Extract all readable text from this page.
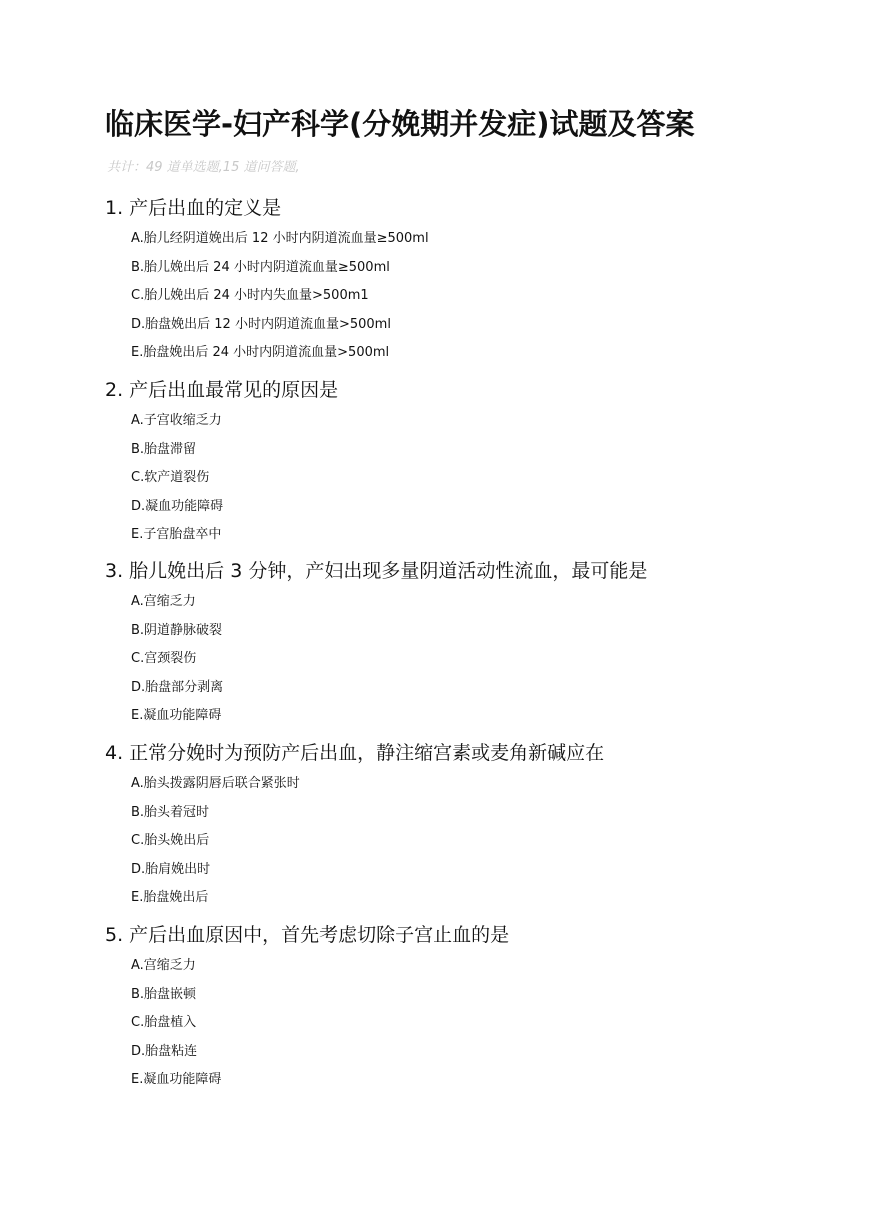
临床医学-妇产科学(分娩期并发症)试题及答案

共计：49 道单选题,15 道问答题,

1. 产后出血的定义是

A.胎儿经阴道娩出后 12 小时内阴道流血量≥500ml
B.胎儿娩出后 24 小时内阴道流血量≥500ml
C.胎儿娩出后 24 小时内失血量>500m1
D.胎盘娩出后 12 小时内阴道流血量>500ml
E.胎盘娩出后 24 小时内阴道流血量>500ml

2. 产后出血最常见的原因是

A.子宫收缩乏力
B.胎盘滞留
C.软产道裂伤
D.凝血功能障碍
E.子宫胎盘卒中

3. 胎儿娩出后 3 分钟，产妇出现多量阴道活动性流血，最可能是

A.宫缩乏力
B.阴道静脉破裂
C.宫颈裂伤
D.胎盘部分剥离
E.凝血功能障碍

4. 正常分娩时为预防产后出血，静注缩宫素或麦角新碱应在

A.胎头拨露阴唇后联合紧张时
B.胎头着冠时
C.胎头娩出后
D.胎肩娩出时
E.胎盘娩出后

5. 产后出血原因中，首先考虑切除子宫止血的是

A.宫缩乏力
B.胎盘嵌顿
C.胎盘植入
D.胎盘粘连
E.凝血功能障碍
